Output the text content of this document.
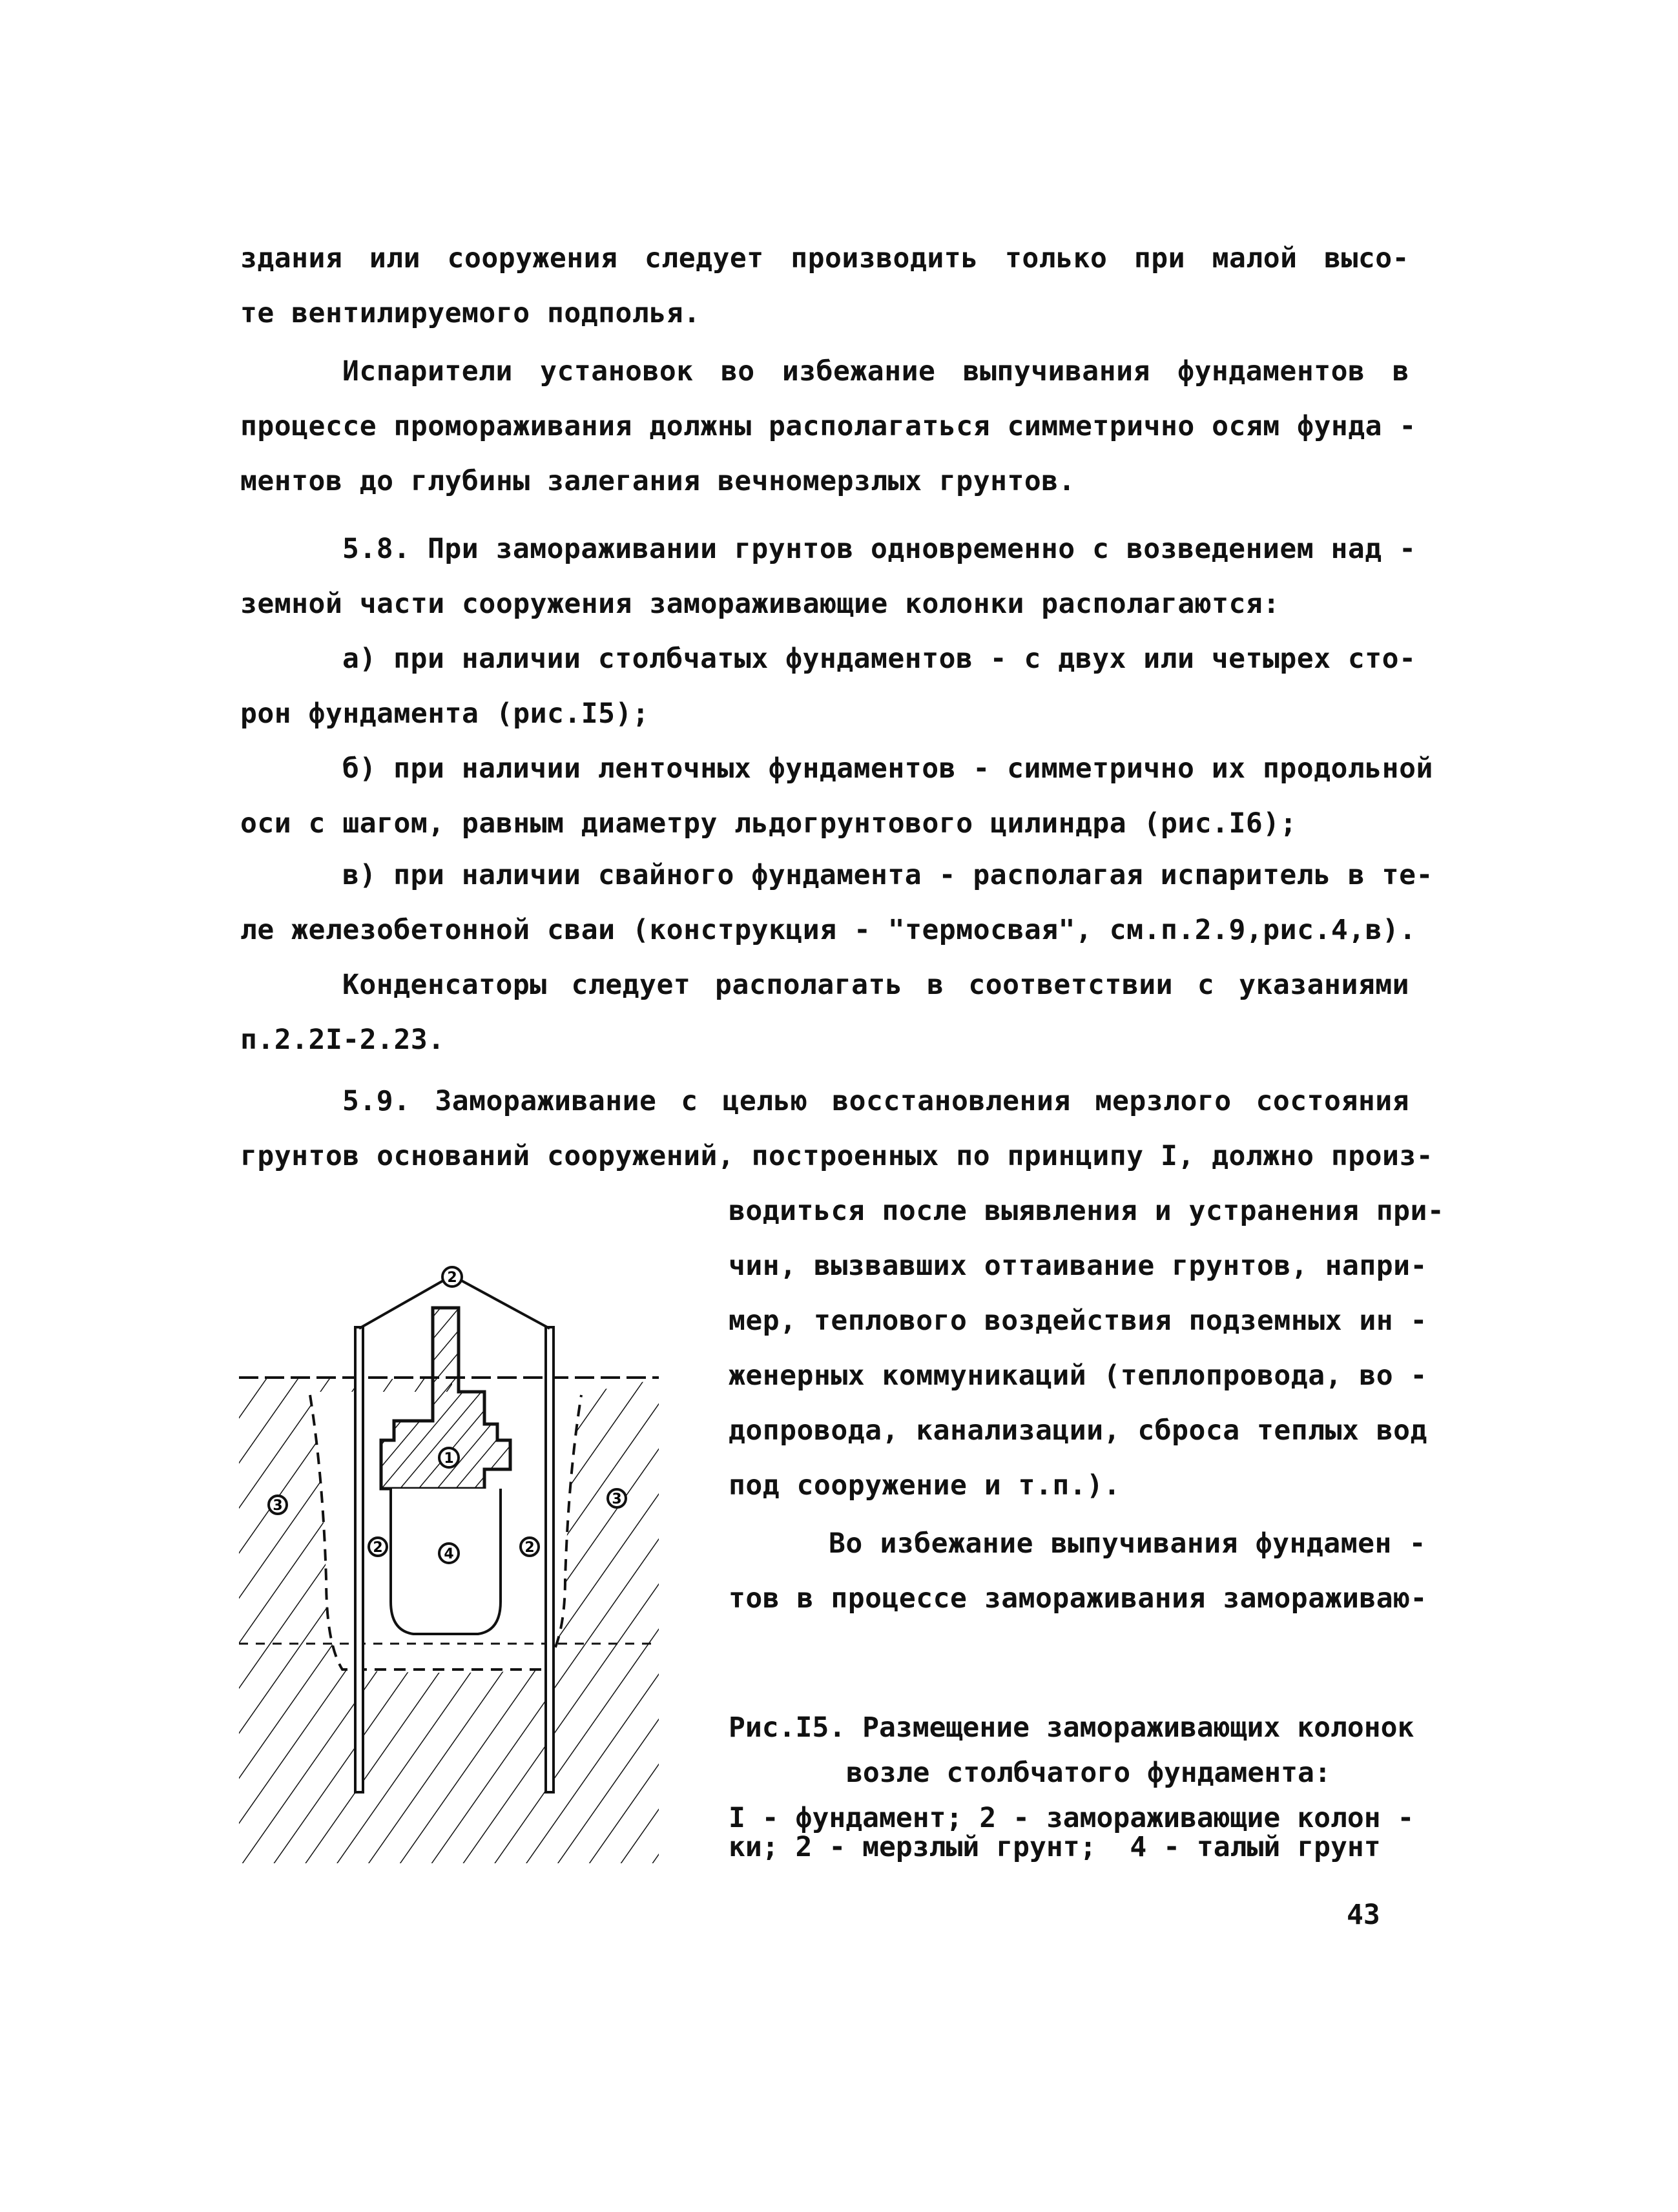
здания или сооружения следует производить только при малой высо-
те вентилируемого подполья.
Испарители установок во избежание выпучивания фундаментов в
процессе проморaживания должны располагаться симметрично осям фунда -
ментов до глубины залегания вечномерзлых грунтов.
5.8. При замораживании грунтов одновременно с возведением над -
земной части сооружения замораживающие колонки располагаются:
а) при наличии столбчатых фундаментов - с двух или четырех сто-
рон фундамента (рис.I5);
б) при наличии ленточных фундаментов - симметрично их продольной
оси с шагом, равным диаметру льдогрунтового цилиндра (рис.I6);
в) при наличии свайного фундамента - располагая испаритель в те-
ле железобетонной сваи (конструкция - "термосвая", см.п.2.9,рис.4,в).
Конденсаторы следует располагать в соответствии с указаниями
п.2.2I-2.23.
5.9. Замораживание с целью восстановления мерзлого состояния
грунтов оснований сооружений, построенных по принципу I, должно произ-
водиться после выявления и устранения при-
чин, вызвавших оттаивание грунтов, напри-
мер, теплового воздействия подземных ин -
женерных коммуникаций (теплопровода, во -
допровода, канализации, сброса теплых вод
под сооружение и т.п.).
Во избежание выпучивания фундамен -
тов в процессе замораживания замораживаю-
Рис.I5. Размещение замораживающих колонок
возле столбчатого фундамента:
I - фундамент; 2 - замораживающие колон -
ки; 2 - мерзлый грунт;  4 - талый грунт
43
2
1
3	3
4
2	2
